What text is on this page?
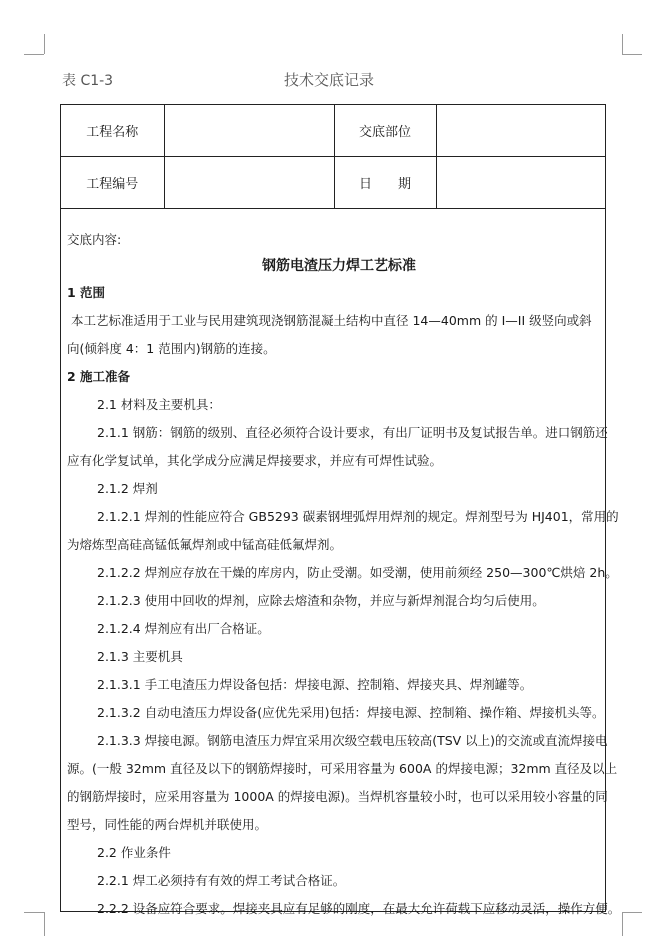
表 C1-3	技术交底记录
工程名称		交底部位	
工程编号		日　　期	

交底内容:

钢筋电渣压力焊工艺标准

1 范围

本工艺标准适用于工业与民用建筑现浇钢筋混凝土结构中直径 14—40mm 的 I—II 级竖向或斜

向(倾斜度 4：1 范围内)钢筋的连接。

2 施工准备

2.1 材料及主要机具：

2.1.1 钢筋：钢筋的级别、直径必须符合设计要求，有出厂证明书及复试报告单。进口钢筋还

应有化学复试单，其化学成分应满足焊接要求，并应有可焊性试验。

2.1.2 焊剂

2.1.2.1 焊剂的性能应符合 GB5293 碳素钢埋弧焊用焊剂的规定。焊剂型号为 HJ401，常用的

为熔炼型高硅高锰低氟焊剂或中锰高硅低氟焊剂。

2.1.2.2 焊剂应存放在干燥的库房内，防止受潮。如受潮，使用前须经 250—300℃烘焙 2h。

2.1.2.3 使用中回收的焊剂，应除去熔渣和杂物，并应与新焊剂混合均匀后使用。

2.1.2.4 焊剂应有出厂合格证。

2.1.3 主要机具

2.1.3.1 手工电渣压力焊设备包括：焊接电源、控制箱、焊接夹具、焊剂罐等。

2.1.3.2 自动电渣压力焊设备(应优先采用)包括：焊接电源、控制箱、操作箱、焊接机头等。

2.1.3.3 焊接电源。钢筋电渣压力焊宜采用次级空载电压较高(TSV 以上)的交流或直流焊接电

源。(一般 32mm 直径及以下的钢筋焊接时，可采用容量为 600A 的焊接电源；32mm 直径及以上

的钢筋焊接时，应采用容量为 1000A 的焊接电源)。当焊机容量较小时，也可以采用较小容量的同

型号，同性能的两台焊机并联使用。

2.2 作业条件

2.2.1 焊工必须持有有效的焊工考试合格证。

2.2.2 设备应符合要求。焊接夹具应有足够的刚度，在最大允许荷载下应移动灵活，操作方便。
